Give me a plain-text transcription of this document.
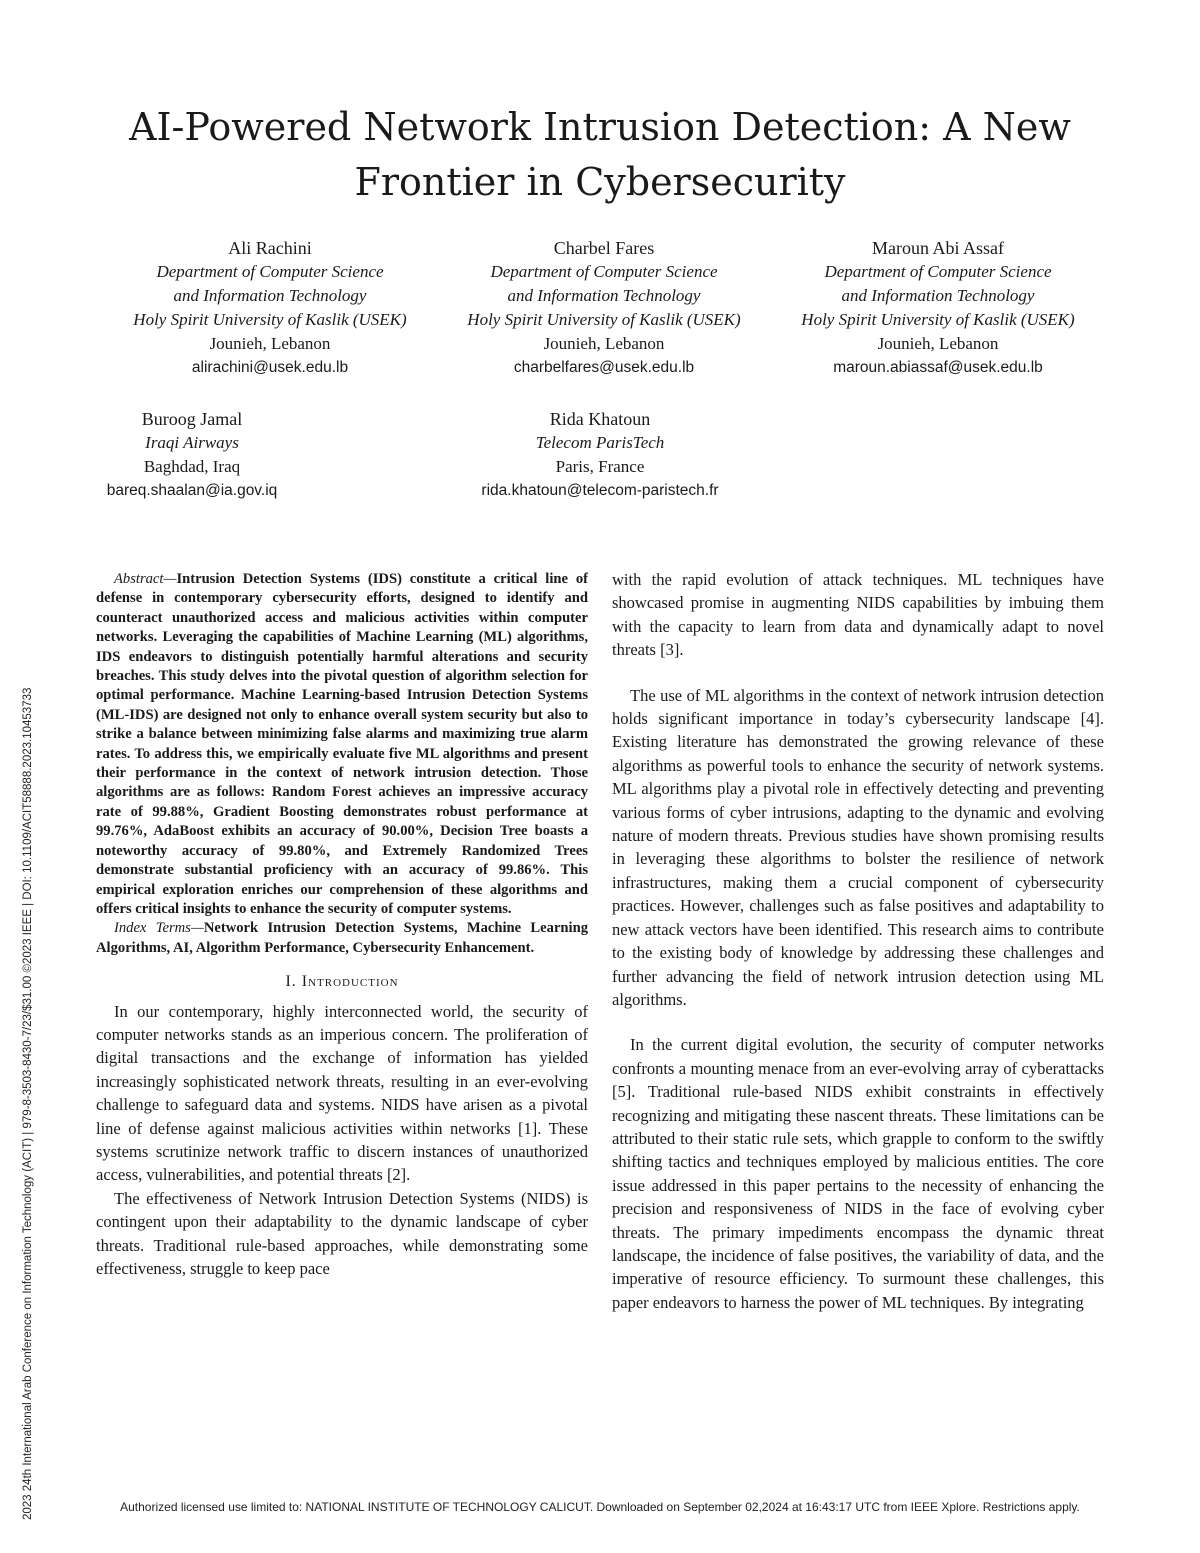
AI-Powered Network Intrusion Detection: A New Frontier in Cybersecurity
Ali Rachini
Department of Computer Science
and Information Technology
Holy Spirit University of Kaslik (USEK)
Jounieh, Lebanon
alirachini@usek.edu.lb
Charbel Fares
Department of Computer Science
and Information Technology
Holy Spirit University of Kaslik (USEK)
Jounieh, Lebanon
charbelfares@usek.edu.lb
Maroun Abi Assaf
Department of Computer Science
and Information Technology
Holy Spirit University of Kaslik (USEK)
Jounieh, Lebanon
maroun.abiassaf@usek.edu.lb
Buroog Jamal
Iraqi Airways
Baghdad, Iraq
bareq.shaalan@ia.gov.iq
Rida Khatoun
Telecom ParisTech
Paris, France
rida.khatoun@telecom-paristech.fr

Abstract—Intrusion Detection Systems (IDS) constitute a critical line of defense in contemporary cybersecurity efforts, designed to identify and counteract unauthorized access and malicious activities within computer networks. Leveraging the capabilities of Machine Learning (ML) algorithms, IDS endeavors to distinguish potentially harmful alterations and security breaches. This study delves into the pivotal question of algorithm selection for optimal performance. Machine Learning-based Intrusion Detection Systems (ML-IDS) are designed not only to enhance overall system security but also to strike a balance between minimizing false alarms and maximizing true alarm rates. To address this, we empirically evaluate five ML algorithms and present their performance in the context of network intrusion detection. Those algorithms are as follows: Random Forest achieves an impressive accuracy rate of 99.88%, Gradient Boosting demonstrates robust performance at 99.76%, AdaBoost exhibits an accuracy of 90.00%, Decision Tree boasts a noteworthy accuracy of 99.80%, and Extremely Randomized Trees demonstrate substantial proficiency with an accuracy of 99.86%. This empirical exploration enriches our comprehension of these algorithms and offers critical insights to enhance the security of computer systems.

Index Terms—Network Intrusion Detection Systems, Machine Learning Algorithms, AI, Algorithm Performance, Cybersecurity Enhancement.

I. Introduction

In our contemporary, highly interconnected world, the security of computer networks stands as an imperious concern. The proliferation of digital transactions and the exchange of information has yielded increasingly sophisticated network threats, resulting in an ever-evolving challenge to safeguard data and systems. NIDS have arisen as a pivotal line of defense against malicious activities within networks [1]. These systems scrutinize network traffic to discern instances of unauthorized access, vulnerabilities, and potential threats [2].

The effectiveness of Network Intrusion Detection Systems (NIDS) is contingent upon their adaptability to the dynamic landscape of cyber threats. Traditional rule-based approaches, while demonstrating some effectiveness, struggle to keep pace

with the rapid evolution of attack techniques. ML techniques have showcased promise in augmenting NIDS capabilities by imbuing them with the capacity to learn from data and dynamically adapt to novel threats [3].

The use of ML algorithms in the context of network intrusion detection holds significant importance in today’s cybersecurity landscape [4]. Existing literature has demonstrated the growing relevance of these algorithms as powerful tools to enhance the security of network systems. ML algorithms play a pivotal role in effectively detecting and preventing various forms of cyber intrusions, adapting to the dynamic and evolving nature of modern threats. Previous studies have shown promising results in leveraging these algorithms to bolster the resilience of network infrastructures, making them a crucial component of cybersecurity practices. However, challenges such as false positives and adaptability to new attack vectors have been identified. This research aims to contribute to the existing body of knowledge by addressing these challenges and further advancing the field of network intrusion detection using ML algorithms.

In the current digital evolution, the security of computer networks confronts a mounting menace from an ever-evolving array of cyberattacks [5]. Traditional rule-based NIDS exhibit constraints in effectively recognizing and mitigating these nascent threats. These limitations can be attributed to their static rule sets, which grapple to conform to the swiftly shifting tactics and techniques employed by malicious entities. The core issue addressed in this paper pertains to the necessity of enhancing the precision and responsiveness of NIDS in the face of evolving cyber threats. The primary impediments encompass the dynamic threat landscape, the incidence of false positives, the variability of data, and the imperative of resource efficiency. To surmount these challenges, this paper endeavors to harness the power of ML techniques. By integrating

2023 24th International Arab Conference on Information Technology (ACIT) | 979-8-3503-8430-7/23/$31.00 ©2023 IEEE | DOI: 10.1109/ACIT58888.2023.10453733	Authorized licensed use limited to: NATIONAL INSTITUTE OF TECHNOLOGY CALICUT. Downloaded on September 02,2024 at 16:43:17 UTC from IEEE Xplore. Restrictions apply.
